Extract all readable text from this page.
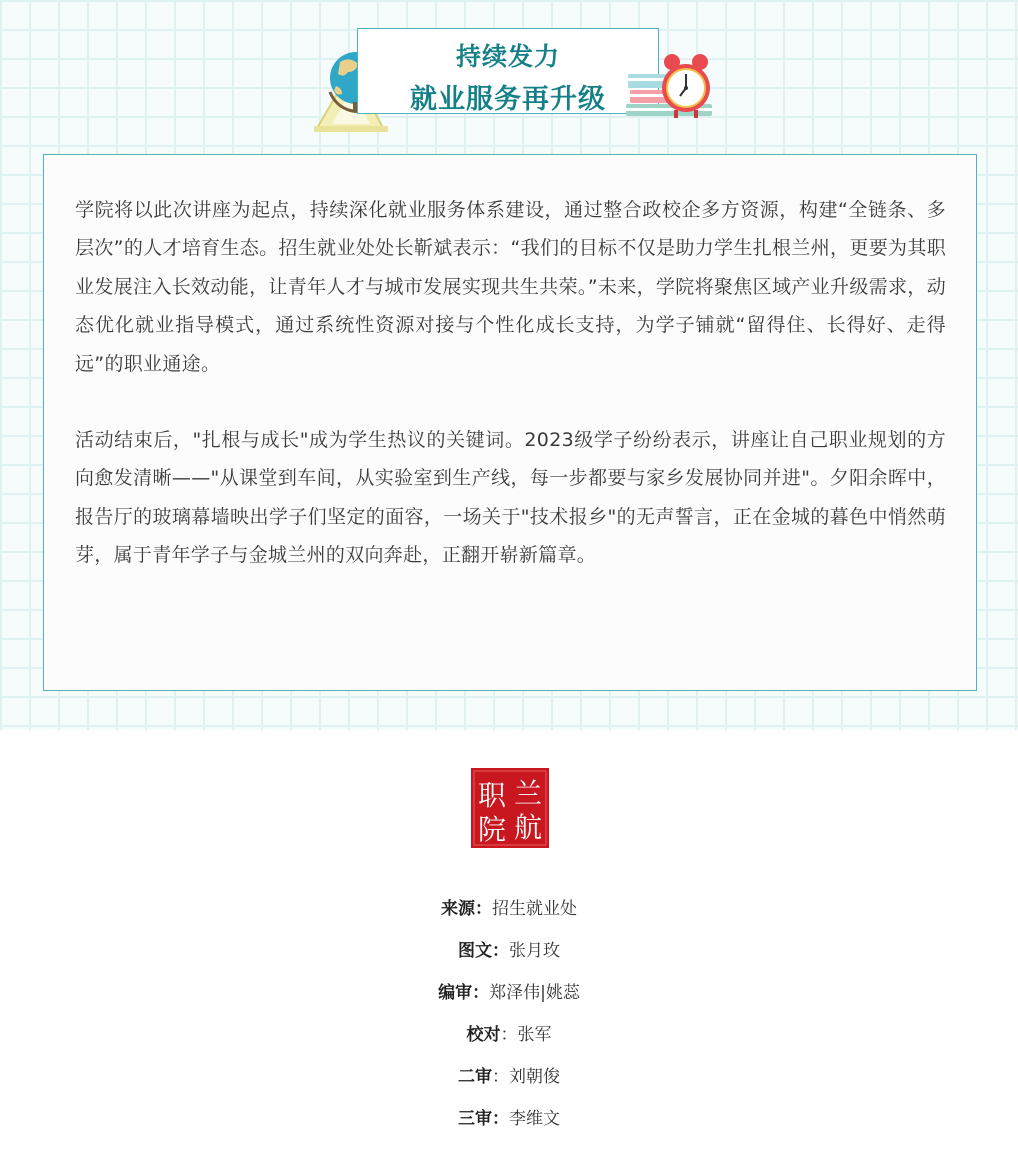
持续发力
就业服务再升级

学院将以此次讲座为起点，持续深化就业服务体系建设，通过整合政校企多方资源，构建“全链条、多层次”的人才培育生态。招生就业处处长靳斌表示：“我们的目标不仅是助力学生扎根兰州，更要为其职业发展注入长效动能，让青年人才与城市发展实现共生共荣。”未来，学院将聚焦区域产业升级需求，动态优化就业指导模式，通过系统性资源对接与个性化成长支持，为学子铺就“留得住、长得好、走得远”的职业通途。

活动结束后，"扎根与成长"成为学生热议的关键词。2023级学子纷纷表示，讲座让自己职业规划的方向愈发清晰——"从课堂到车间，从实验室到生产线，每一步都要与家乡发展协同并进"。夕阳余晖中，报告厅的玻璃幕墙映出学子们坚定的面容，一场关于"技术报乡"的无声誓言，正在金城的暮色中悄然萌芽，属于青年学子与金城兰州的双向奔赴，正翻开崭新篇章。

兰
职
航
院
来源：招生就业处
图文：张月玫
编审：郑泽伟|姚蕊
校对：张军
二审：刘朝俊
三审：李维文
